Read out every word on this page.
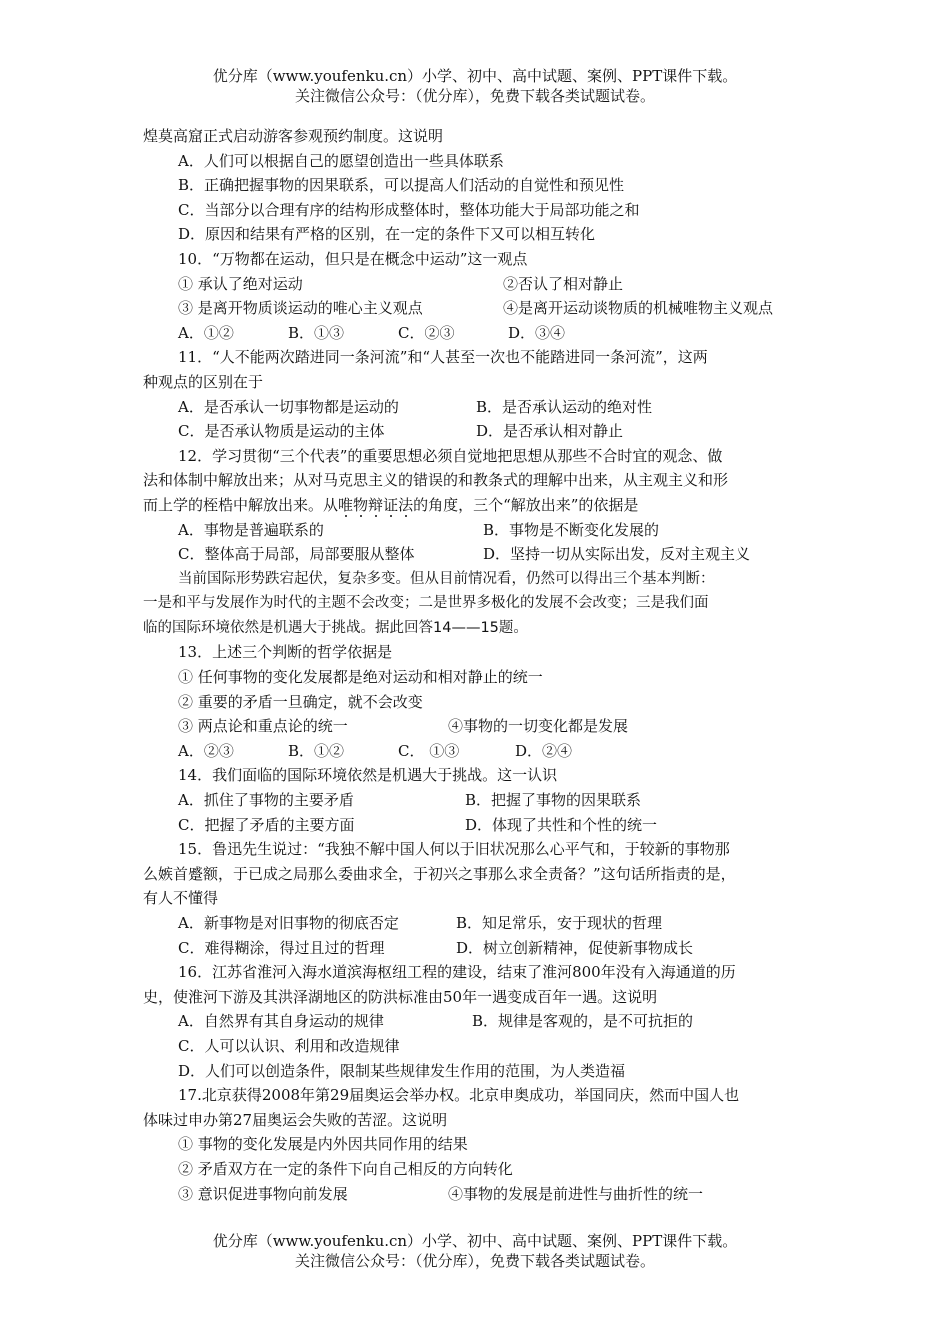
优分库（www.youfenku.cn）小学、初中、高中试题、案例、PPT课件下载。
关注微信公众号：（优分库），免费下载各类试题试卷。
煌莫高窟正式启动游客参观预约制度。这说明
A．人们可以根据自己的愿望创造出一些具体联系
B．正确把握事物的因果联系，可以提高人们活动的自觉性和预见性
C．当部分以合理有序的结构形成整体时，整体功能大于局部功能之和
D．原因和结果有严格的区别，在一定的条件下又可以相互转化
10．“万物都在运动，但只是在概念中运动”这一观点
① 承认了绝对运动	②否认了相对静止
③ 是离开物质谈运动的唯心主义观点	④是离开运动谈物质的机械唯物主义观点
A．①②	B．①③	C．②③	D．③④
11．“人不能两次踏进同一条河流”和“人甚至一次也不能踏进同一条河流”，这两
种观点的区别在于
A．是否承认一切事物都是运动的	B．是否承认运动的绝对性
C．是否承认物质是运动的主体	D．是否承认相对静止
12．学习贯彻“三个代表”的重要思想必须自觉地把思想从那些不合时宜的观念、做
法和体制中解放出来；从对马克思主义的错误的和教条式的理解中出来，从主观主义和形
而上学的桎梏中解放出来。从唯物辩证法的角度，三个“解放出来”的依据是
A．事物是普遍联系的	B．事物是不断变化发展的
C．整体高于局部，局部要服从整体	D．坚持一切从实际出发，反对主观主义
当前国际形势跌宕起伏，复杂多变。但从目前情况看，仍然可以得出三个基本判断：
一是和平与发展作为时代的主题不会改变；二是世界多极化的发展不会改变；三是我们面
临的国际环境依然是机遇大于挑战。据此回答14——15题。
13．上述三个判断的哲学依据是
① 任何事物的变化发展都是绝对运动和相对静止的统一
② 重要的矛盾一旦确定，就不会改变
③ 两点论和重点论的统一	④事物的一切变化都是发展
A．②③	B．①②	C． ①③	D．②④
14．我们面临的国际环境依然是机遇大于挑战。这一认识
A．抓住了事物的主要矛盾	B．把握了事物的因果联系
C．把握了矛盾的主要方面	D．体现了共性和个性的统一
15．鲁迅先生说过：“我独不解中国人何以于旧状况那么心平气和，于较新的事物那
么嫉首蹙额，于已成之局那么委曲求全，于初兴之事那么求全责备？”这句话所指责的是，
有人不懂得
A．新事物是对旧事物的彻底否定	B．知足常乐，安于现状的哲理
C．难得糊涂，得过且过的哲理	D．树立创新精神，促使新事物成长
16．江苏省淮河入海水道滨海枢纽工程的建设，结束了淮河800年没有入海通道的历
史，使淮河下游及其洪泽湖地区的防洪标准由50年一遇变成百年一遇。这说明
A．自然界有其自身运动的规律	B．规律是客观的，是不可抗拒的
C．人可以认识、利用和改造规律
D．人们可以创造条件，限制某些规律发生作用的范围，为人类造福
17.北京获得2008年第29届奥运会举办权。北京申奥成功，举国同庆，然而中国人也
体味过申办第27届奥运会失败的苦涩。这说明
① 事物的变化发展是内外因共同作用的结果
② 矛盾双方在一定的条件下向自己相反的方向转化
③ 意识促进事物向前发展	④事物的发展是前进性与曲折性的统一
优分库（www.youfenku.cn）小学、初中、高中试题、案例、PPT课件下载。
关注微信公众号：（优分库），免费下载各类试题试卷。
